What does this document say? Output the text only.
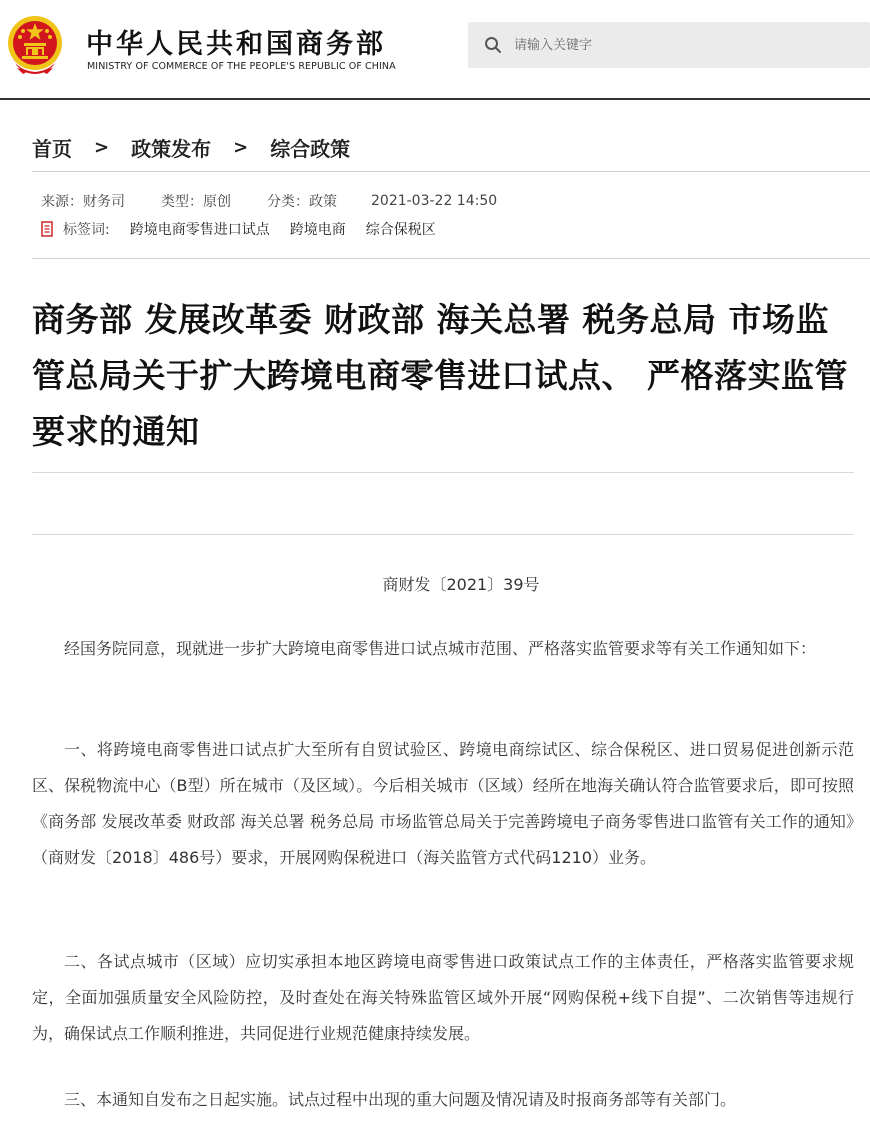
中华人民共和国商务部
MINISTRY OF COMMERCE OF THE PEOPLE'S REPUBLIC OF CHINA
请输入关键字
首页 > 政策发布 > 综合政策
来源：财务司	类型：原创	分类：政策 2021-03-22 14:50
标签词: 跨境电商零售进口试点 跨境电商 综合保税区
商务部 发展改革委 财政部 海关总署 税务总局 市场监管总局关于扩大跨境电商零售进口试点、 严格落实监管要求的通知
商财发〔2021〕39号

经国务院同意，现就进一步扩大跨境电商零售进口试点城市范围、严格落实监管要求等有关工作通知如下：

一、将跨境电商零售进口试点扩大至所有自贸试验区、跨境电商综试区、综合保税区、进口贸易促进创新示范区、保税物流中心（B型）所在城市（及区域）。今后相关城市（区域）经所在地海关确认符合监管要求后，即可按照《商务部 发展改革委 财政部 海关总署 税务总局 市场监管总局关于完善跨境电子商务零售进口监管有关工作的通知》（商财发〔2018〕486号）要求，开展网购保税进口（海关监管方式代码1210）业务。

二、各试点城市（区域）应切实承担本地区跨境电商零售进口政策试点工作的主体责任，严格落实监管要求规定，全面加强质量安全风险防控，及时查处在海关特殊监管区域外开展“网购保税+线下自提”、二次销售等违规行为，确保试点工作顺利推进，共同促进行业规范健康持续发展。

三、本通知自发布之日起实施。试点过程中出现的重大问题及情况请及时报商务部等有关部门。
